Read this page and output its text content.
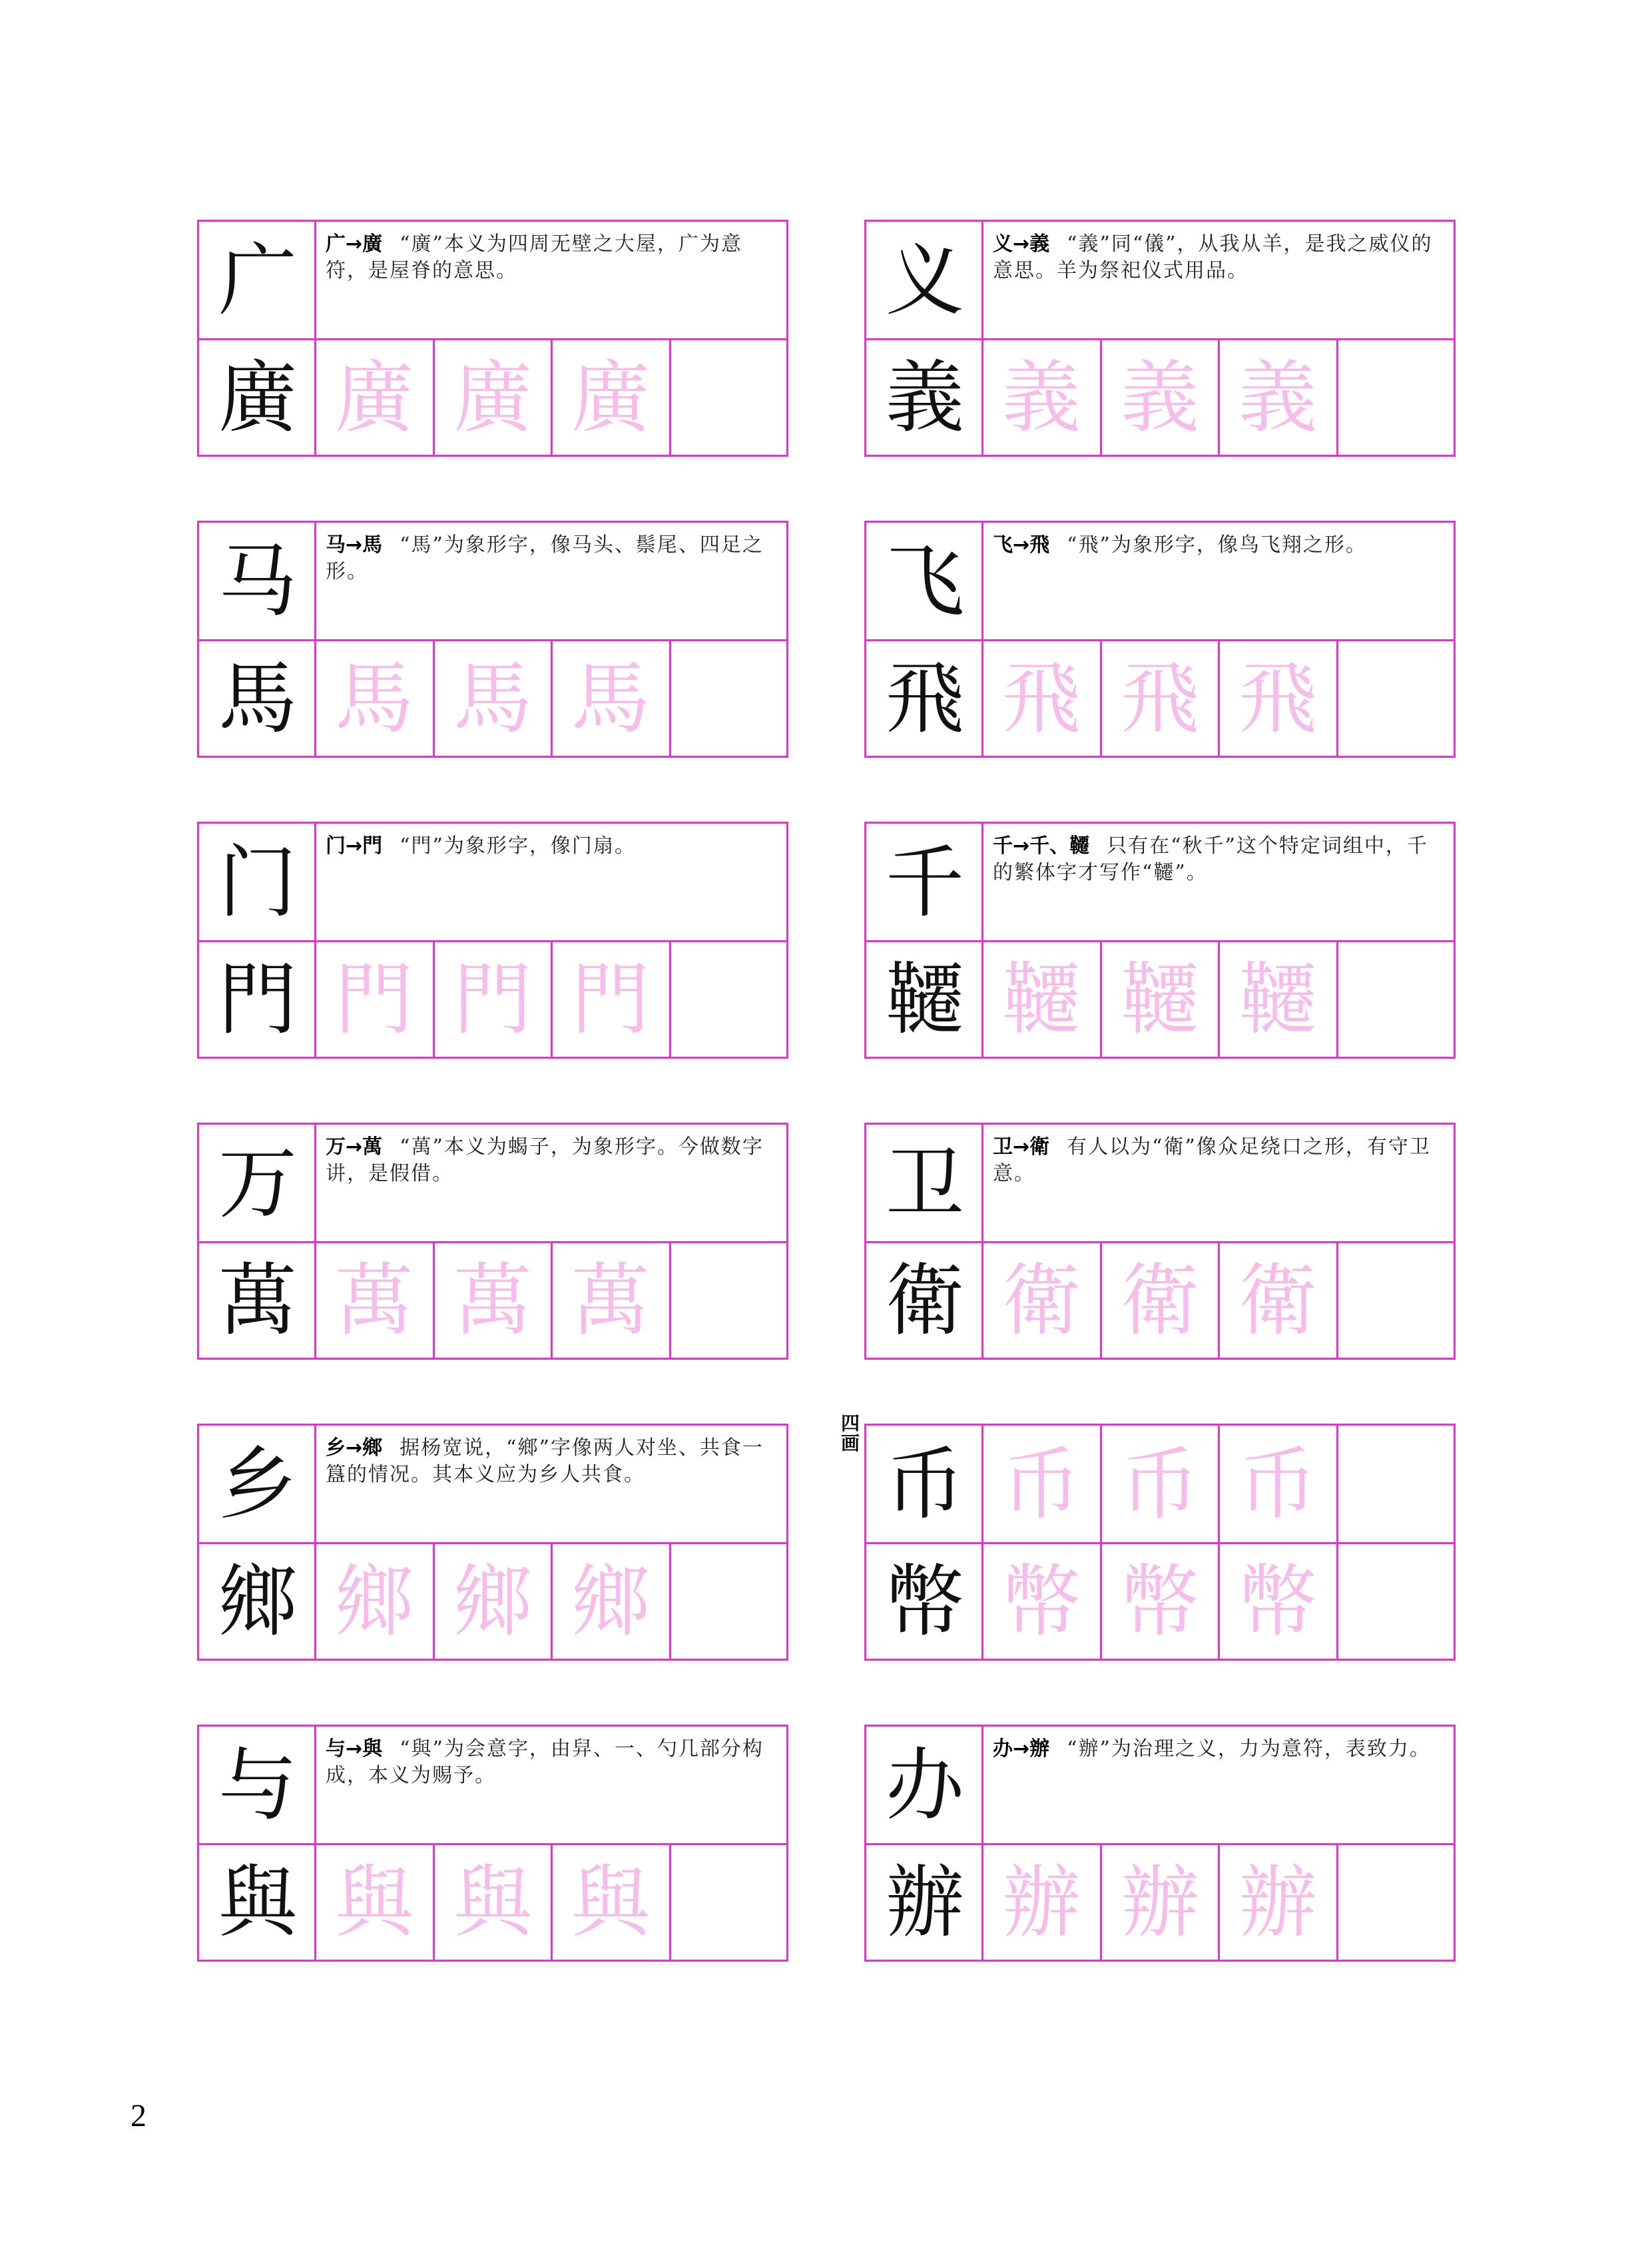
广	广→廣 “廣”本义为四周无壁之大屋，广为意符，是屋脊的意思。
廣 廣 廣 廣
义	义→義 “義”同“儀”，从我从羊，是我之威仪的意思。羊为祭祀仪式用品。
義 義 義 義
马	马→馬 “馬”为象形字，像马头、鬃尾、四足之形。
馬 馬 馬 馬
飞	飞→飛 “飛”为象形字，像鸟飞翔之形。
飛 飛 飛 飛
门	门→門 “門”为象形字，像门扇。
門 門 門 門
千	千→千、韆 只有在“秋千”这个特定词组中，千的繁体字才写作“韆”。
韆 韆 韆 韆
万	万→萬 “萬”本义为蝎子，为象形字。今做数字讲，是假借。
萬 萬 萬 萬
卫	卫→衛 有人以为“衛”像众足绕口之形，有守卫意。
衛 衛 衛 衛
乡	乡→鄉 据杨宽说，“鄉”字像两人对坐、共食一簋的情况。其本义应为乡人共食。
鄉 鄉 鄉 鄉
四画 币 币 币 币
幣 幣 幣 幣
与	与→與 “與”为会意字，由舁、一、勺几部分构成，本义为赐予。
與 與 與 與
办	办→辦 “辦”为治理之义，力为意符，表致力。
辦 辦 辦 辦
2
